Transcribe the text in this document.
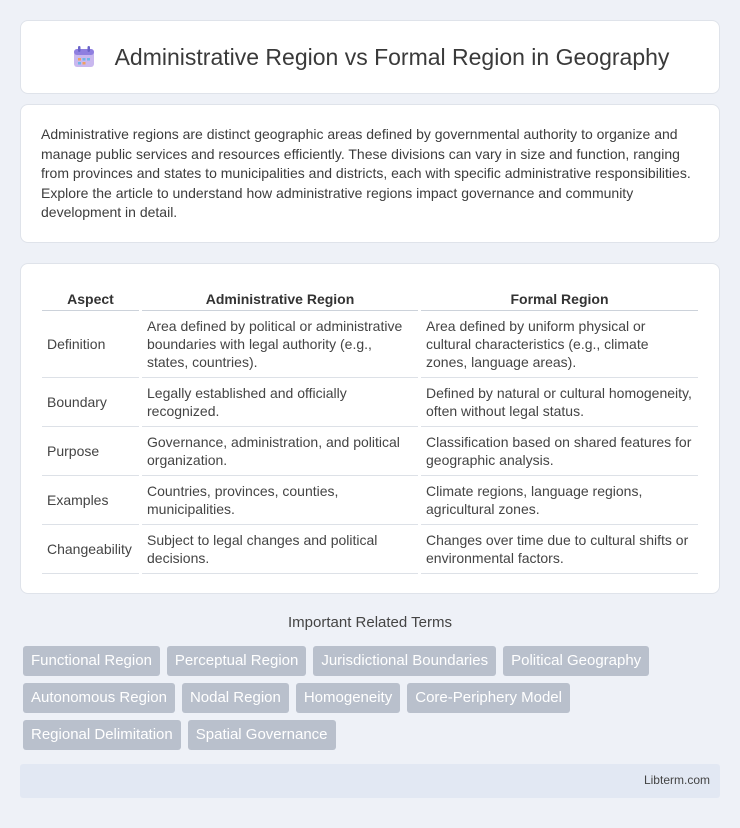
Administrative Region vs Formal Region in Geography

Administrative regions are distinct geographic areas defined by governmental authority to organize and manage public services and resources efficiently. These divisions can vary in size and function, ranging from provinces and states to municipalities and districts, each with specific administrative responsibilities. Explore the article to understand how administrative regions impact governance and community development in detail.

Aspect	Administrative Region	Formal Region
Definition	Area defined by political or administrative boundaries with legal authority (e.g., states, countries).	Area defined by uniform physical or cultural characteristics (e.g., climate zones, language areas).
Boundary	Legally established and officially recognized.	Defined by natural or cultural homogeneity, often without legal status.
Purpose	Governance, administration, and political organization.	Classification based on shared features for geographic analysis.
Examples	Countries, provinces, counties, municipalities.	Climate regions, language regions, agricultural zones.
Changeability	Subject to legal changes and political decisions.	Changes over time due to cultural shifts or environmental factors.
Important Related Terms
Functional Region	Perceptual Region	Jurisdictional Boundaries	Political Geography
Autonomous Region	Nodal Region	Homogeneity	Core-Periphery Model
Regional Delimitation	Spatial Governance
Libterm.com
